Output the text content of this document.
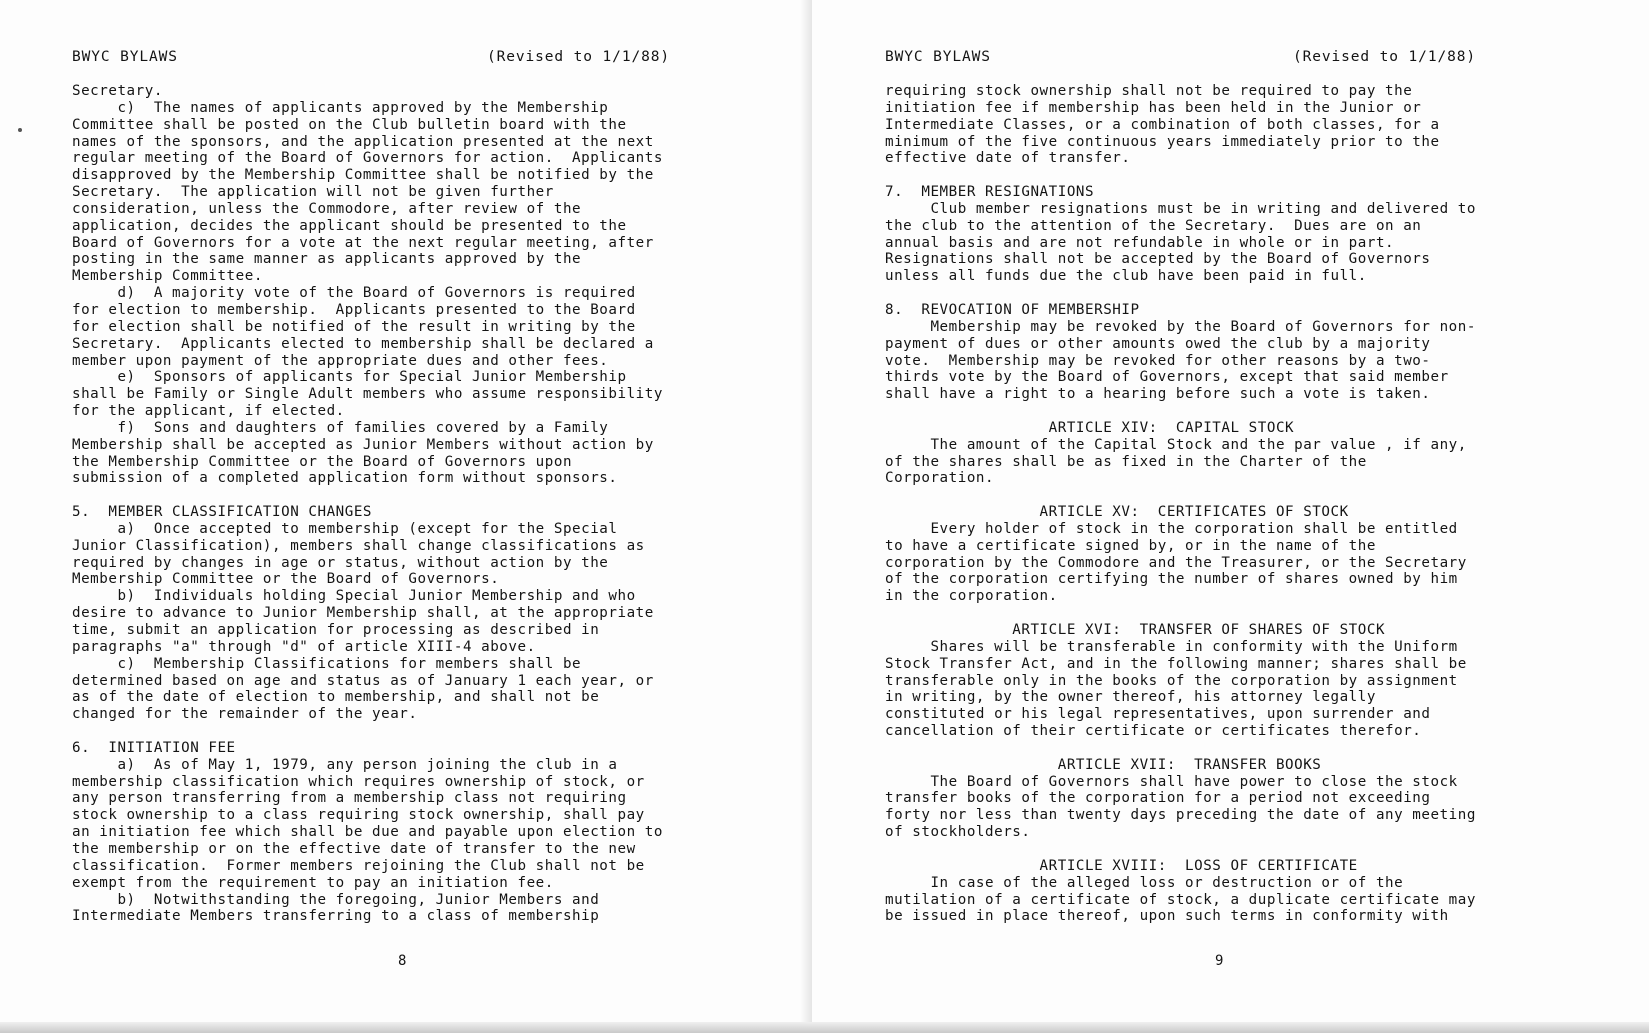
BWYC BYLAWS	(Revised to 1/1/88)
Secretary.
c)  The names of applicants approved by the Membership
Committee shall be posted on the Club bulletin board with the
names of the sponsors, and the application presented at the next
regular meeting of the Board of Governors for action.  Applicants
disapproved by the Membership Committee shall be notified by the
Secretary.  The application will not be given further
consideration, unless the Commodore, after review of the
application, decides the applicant should be presented to the
Board of Governors for a vote at the next regular meeting, after
posting in the same manner as applicants approved by the
Membership Committee.
d)  A majority vote of the Board of Governors is required
for election to membership.  Applicants presented to the Board
for election shall be notified of the result in writing by the
Secretary.  Applicants elected to membership shall be declared a
member upon payment of the appropriate dues and other fees.
e)  Sponsors of applicants for Special Junior Membership
shall be Family or Single Adult members who assume responsibility
for the applicant, if elected.
f)  Sons and daughters of families covered by a Family
Membership shall be accepted as Junior Members without action by
the Membership Committee or the Board of Governors upon
submission of a completed application form without sponsors.

5.  MEMBER CLASSIFICATION CHANGES
a)  Once accepted to membership (except for the Special
Junior Classification), members shall change classifications as
required by changes in age or status, without action by the
Membership Committee or the Board of Governors.
b)  Individuals holding Special Junior Membership and who
desire to advance to Junior Membership shall, at the appropriate
time, submit an application for processing as described in
paragraphs "a" through "d" of article XIII-4 above.
c)  Membership Classifications for members shall be
determined based on age and status as of January 1 each year, or
as of the date of election to membership, and shall not be
changed for the remainder of the year.

6.  INITIATION FEE
a)  As of May 1, 1979, any person joining the club in a
membership classification which requires ownership of stock, or
any person transferring from a membership class not requiring
stock ownership to a class requiring stock ownership, shall pay
an initiation fee which shall be due and payable upon election to
the membership or on the effective date of transfer to the new
classification.  Former members rejoining the Club shall not be
exempt from the requirement to pay an initiation fee.
b)  Notwithstanding the foregoing, Junior Members and
Intermediate Members transferring to a class of membership
8
BWYC BYLAWS	(Revised to 1/1/88)
requiring stock ownership shall not be required to pay the
initiation fee if membership has been held in the Junior or
Intermediate Classes, or a combination of both classes, for a
minimum of the five continuous years immediately prior to the
effective date of transfer.

7.  MEMBER RESIGNATIONS
Club member resignations must be in writing and delivered to
the club to the attention of the Secretary.  Dues are on an
annual basis and are not refundable in whole or in part.
Resignations shall not be accepted by the Board of Governors
unless all funds due the club have been paid in full.

8.  REVOCATION OF MEMBERSHIP
Membership may be revoked by the Board of Governors for non-
payment of dues or other amounts owed the club by a majority
vote.  Membership may be revoked for other reasons by a two-
thirds vote by the Board of Governors, except that said member
shall have a right to a hearing before such a vote is taken.

ARTICLE XIV:  CAPITAL STOCK
The amount of the Capital Stock and the par value , if any,
of the shares shall be as fixed in the Charter of the
Corporation.

ARTICLE XV:  CERTIFICATES OF STOCK
Every holder of stock in the corporation shall be entitled
to have a certificate signed by, or in the name of the
corporation by the Commodore and the Treasurer, or the Secretary
of the corporation certifying the number of shares owned by him
in the corporation.

ARTICLE XVI:  TRANSFER OF SHARES OF STOCK
Shares will be transferable in conformity with the Uniform
Stock Transfer Act, and in the following manner; shares shall be
transferable only in the books of the corporation by assignment
in writing, by the owner thereof, his attorney legally
constituted or his legal representatives, upon surrender and
cancellation of their certificate or certificates therefor.

ARTICLE XVII:  TRANSFER BOOKS
The Board of Governors shall have power to close the stock
transfer books of the corporation for a period not exceeding
forty nor less than twenty days preceding the date of any meeting
of stockholders.

ARTICLE XVIII:  LOSS OF CERTIFICATE
In case of the alleged loss or destruction or of the
mutilation of a certificate of stock, a duplicate certificate may
be issued in place thereof, upon such terms in conformity with
9
